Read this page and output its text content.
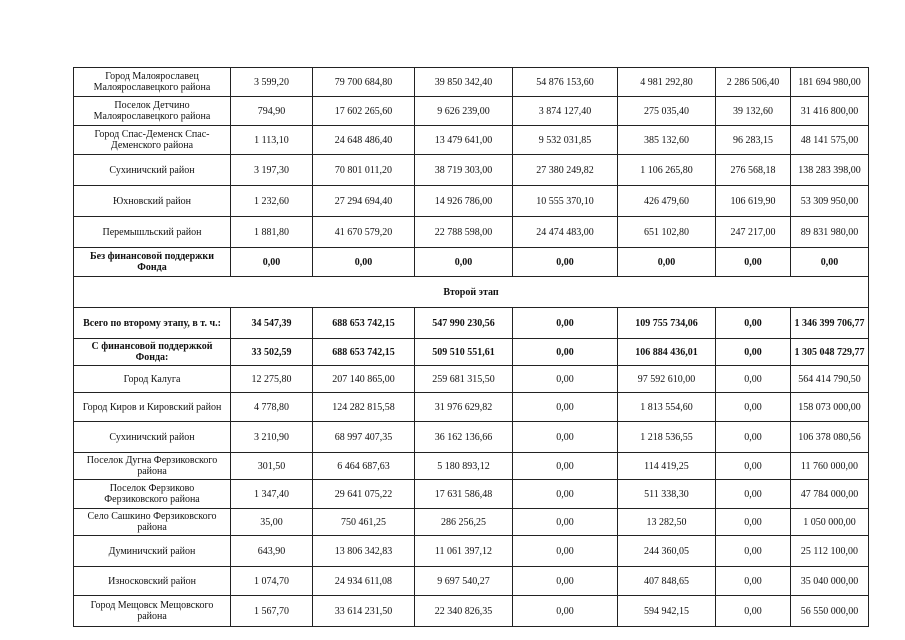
Город Малоярославец Малоярославецкого района	3 599,20	79 700 684,80	39 850 342,40	54 876 153,60	4 981 292,80	2 286 506,40	181 694 980,00
Поселок Детчино Малоярославецкого района	794,90	17 602 265,60	9 626 239,00	3 874 127,40	275 035,40	39 132,60	31 416 800,00
Город Спас-Деменск Спас-Деменского района	1 113,10	24 648 486,40	13 479 641,00	9 532 031,85	385 132,60	96 283,15	48 141 575,00
Сухиничский район	3 197,30	70 801 011,20	38 719 303,00	27 380 249,82	1 106 265,80	276 568,18	138 283 398,00
Юхновский район	1 232,60	27 294 694,40	14 926 786,00	10 555 370,10	426 479,60	106 619,90	53 309 950,00
Перемышльский район	1 881,80	41 670 579,20	22 788 598,00	24 474 483,00	651 102,80	247 217,00	89 831 980,00
Без финансовой поддержки Фонда	0,00	0,00	0,00	0,00	0,00	0,00	0,00
Второй этап							
Всего по второму этапу, в т. ч.:	34 547,39	688 653 742,15	547 990 230,56	0,00	109 755 734,06	0,00	1 346 399 706,77
С финансовой поддержкой Фонда:	33 502,59	688 653 742,15	509 510 551,61	0,00	106 884 436,01	0,00	1 305 048 729,77
Город Калуга	12 275,80	207 140 865,00	259 681 315,50	0,00	97 592 610,00	0,00	564 414 790,50
Город Киров и Кировский район	4 778,80	124 282 815,58	31 976 629,82	0,00	1 813 554,60	0,00	158 073 000,00
Сухиничский район	3 210,90	68 997 407,35	36 162 136,66	0,00	1 218 536,55	0,00	106 378 080,56
Поселок Дугна Ферзиковского района	301,50	6 464 687,63	5 180 893,12	0,00	114 419,25	0,00	11 760 000,00
Поселок Ферзиково Ферзиковского района	1 347,40	29 641 075,22	17 631 586,48	0,00	511 338,30	0,00	47 784 000,00
Село Сашкино Ферзиковского района	35,00	750 461,25	286 256,25	0,00	13 282,50	0,00	1 050 000,00
Думиничский район	643,90	13 806 342,83	11 061 397,12	0,00	244 360,05	0,00	25 112 100,00
Износковский район	1 074,70	24 934 611,08	9 697 540,27	0,00	407 848,65	0,00	35 040 000,00
Город Мещовск Мещовского района	1 567,70	33 614 231,50	22 340 826,35	0,00	594 942,15	0,00	56 550 000,00
